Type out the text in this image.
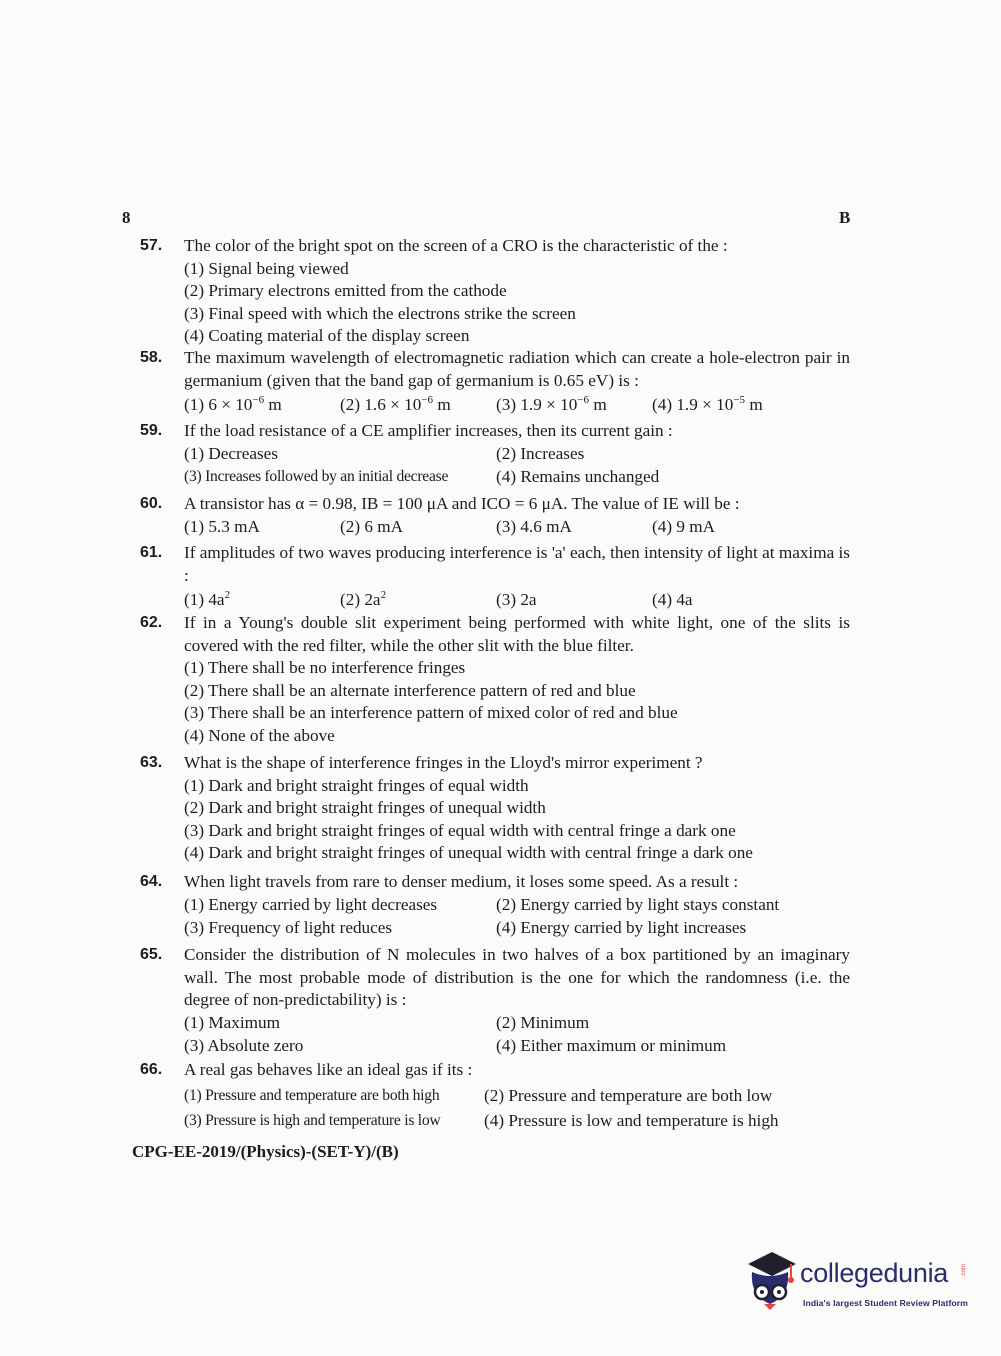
8	B
57.	The color of the bright spot on the screen of a CRO is the characteristic of the :
(1) Signal being viewed
(2) Primary electrons emitted from the cathode
(3) Final speed with which the electrons strike the screen
(4) Coating material of the display screen
58.	The maximum wavelength of electromagnetic radiation which can create a hole-electron pair in germanium (given that the band gap of germanium is 0.65 eV) is :
(1) $6 \times 10^{-6}$ m	(2) $1.6 \times 10^{-6}$ m	(3) $1.9 \times 10^{-6}$ m	(4) $1.9 \times 10^{-5}$ m
59.	If the load resistance of a CE amplifier increases, then its current gain :
(1) Decreases	(2) Increases
(3) Increases followed by an initial decrease	(4) Remains unchanged
60.	A transistor has α = 0.98, IB = 100 μA and ICO = 6 μA. The value of IE will be :
(1) 5.3 mA	(2) 6 mA	(3) 4.6 mA	(4) 9 mA
61.	If amplitudes of two waves producing interference is 'a' each, then intensity of light at maxima is :
(1) $4a^2$	(2) $2a^2$	(3) 2a	(4) 4a
62.	If in a Young's double slit experiment being performed with white light, one of the slits is covered with the red filter, while the other slit with the blue filter.
(1) There shall be no interference fringes
(2) There shall be an alternate interference pattern of red and blue
(3) There shall be an interference pattern of mixed color of red and blue
(4) None of the above
63.	What is the shape of interference fringes in the Lloyd's mirror experiment ?
(1) Dark and bright straight fringes of equal width
(2) Dark and bright straight fringes of unequal width
(3) Dark and bright straight fringes of equal width with central fringe a dark one
(4) Dark and bright straight fringes of unequal width with central fringe a dark one
64.	When light travels from rare to denser medium, it loses some speed. As a result :
(1) Energy carried by light decreases	(2) Energy carried by light stays constant
(3) Frequency of light reduces	(4) Energy carried by light increases
65.	Consider the distribution of N molecules in two halves of a box partitioned by an imaginary wall. The most probable mode of distribution is the one for which the randomness (i.e. the degree of non-predictability) is :
(1) Maximum	(2) Minimum
(3) Absolute zero	(4) Either maximum or minimum
66.	A real gas behaves like an ideal gas if its :
(1) Pressure and temperature are both high	(2) Pressure and temperature are both low
(3) Pressure is high and temperature is low	(4) Pressure is low and temperature is high
CPG-EE-2019/(Physics)-(SET-Y)/(B)
collegedunia .com
India's largest Student Review Platform
